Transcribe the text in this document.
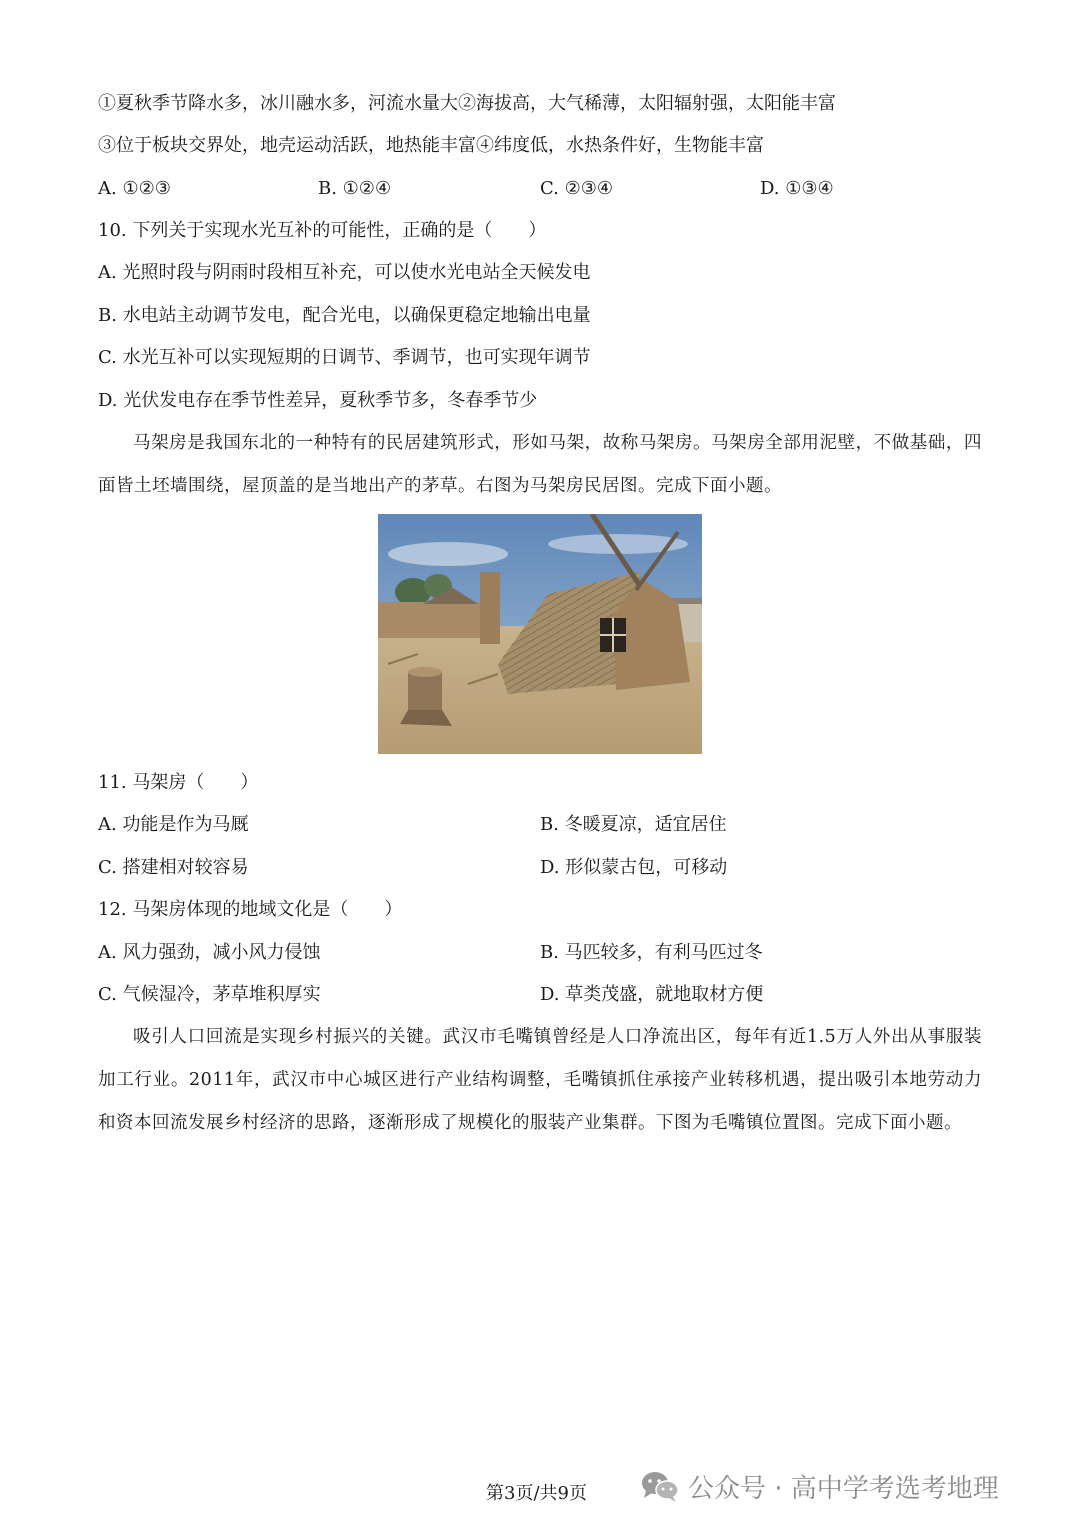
①夏秋季节降水多，冰川融水多，河流水量大②海拔高，大气稀薄，太阳辐射强，太阳能丰富
③位于板块交界处，地壳运动活跃，地热能丰富④纬度低，水热条件好，生物能丰富
A. ①②③	B. ①②④	C. ②③④	D. ①③④
10. 下列关于实现水光互补的可能性，正确的是（　　）
A. 光照时段与阴雨时段相互补充，可以使水光电站全天候发电
B. 水电站主动调节发电，配合光电，以确保更稳定地输出电量
C. 水光互补可以实现短期的日调节、季调节，也可实现年调节
D. 光伏发电存在季节性差异，夏秋季节多，冬春季节少
马架房是我国东北的一种特有的民居建筑形式，形如马架，故称马架房。马架房全部用泥壁，不做基础，四面皆土坯墙围绕，屋顶盖的是当地出产的茅草。右图为马架房民居图。完成下面小题。
11. 马架房（　　）
A. 功能是作为马厩	B. 冬暖夏凉，适宜居住
C. 搭建相对较容易	D. 形似蒙古包，可移动
12. 马架房体现的地域文化是（　　）
A. 风力强劲，减小风力侵蚀	B. 马匹较多，有利马匹过冬
C. 气候湿冷，茅草堆积厚实	D. 草类茂盛，就地取材方便
吸引人口回流是实现乡村振兴的关键。武汉市毛嘴镇曾经是人口净流出区，每年有近1.5万人外出从事服装加工行业。2011年，武汉市中心城区进行产业结构调整，毛嘴镇抓住承接产业转移机遇，提出吸引本地劳动力和资本回流发展乡村经济的思路，逐渐形成了规模化的服装产业集群。下图为毛嘴镇位置图。完成下面小题。
第3页/共9页	公众号 · 高中学考选考地理
